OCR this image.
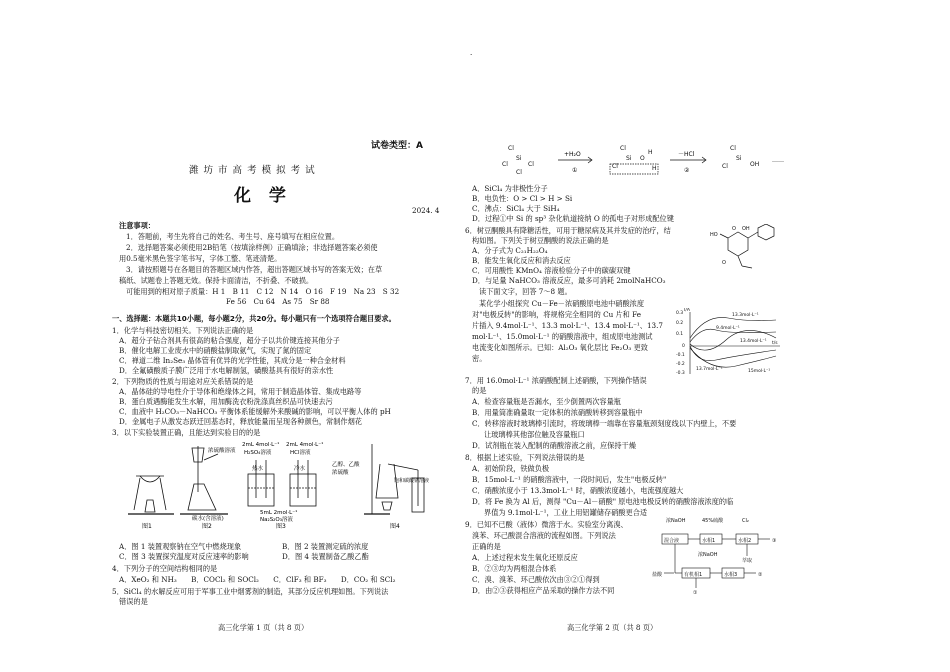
·
试卷类型：A
潍 坊 市 高 考 模 拟 考 试
化 学
2024. 4
注意事项：
1．答题前，考生先将自己的姓名、考生号、座号填写在相应位置。
2．选择题答案必须使用2B铅笔（按填涂样例）正确填涂；非选择题答案必须使
用0.5毫米黑色签字笔书写，字体工整、笔迹清楚。
3．请按照题号在各题目的答题区域内作答，超出答题区域书写的答案无效；在草
稿纸、试题卷上答题无效。保持卡面清洁，不折叠、不破损。
可能用到的相对原子质量：H 1　B 11　C 12　N 14　O 16　F 19　Na 23　S 32
Fe 56　Cu 64　As 75　Sr 88
一、选择题：本题共10小题，每小题2分，共20分。每小题只有一个选项符合题目要求。
1．化学与科技密切相关。下列说法正确的是
A．超分子钻合剂具有很高的粘合强度，超分子以共价键连接其他分子
B．催化电解工业废水中的硝酸盐制取氨气，实现了氮的固定
C．禅道二维 In₂Se₃ 晶体管有优异的光学性能，其成分是一种合金材料
D．全氟磺酸质子膜广泛用于水电解制氢，磺酸基具有很好的亲水性
2．下列物质的性质与用途对应关系错误的是
A．晶体硅的导电性介于导体和绝缘体之间，常用于制造晶体管、集成电路等
B．蛋白质遇酶能发生水解，用加酶洗衣粉洗涤真丝织品可快速去污
C．血液中 H₂CO₃－NaHCO₃ 平衡体系能缓解外来酸碱的影响，可以平衡人体的 pH
D．金属电子从激发态跃迁回基态时，释放能量而呈现各种颜色，常制作烟花
3．以下实验装置正确，且能达到实验目的的是
图1	图2	图3	图4
浓硫酸溶液
碳水(含溶液)
2mL 4mol·L⁻¹
H₂SO₄溶液
2mL 4mol·L⁻¹
HCl溶液
热水	冷水
5mL 2mol·L⁻¹
Na₂S₂O₃溶液
乙醇、乙酸
浓硫酸
饱和碳酸钠溶液
A．图 1 装置观察钠在空气中燃烧现象	B．图 2 装置测定硫的浓度
C．图 3 装置探究温度对反应速率的影响	D．图 4 装置制备乙酸乙酯
4．下列分子的空间结构相同的是
A．XeO₂ 和 NH₃　　B．COCl₂ 和 SOCl₂　　C．ClF₃ 和 BF₃　　D．CO₂ 和 SCl₂
5．SiCl₄ 的水解反应可用于军事工业中烟雾剂的制造，其部分反应机理如图。下列说法
错误的是
高三化学第 1 页（共 8 页）
Cl
Si
Cl	Cl
Cl
Cl
Si O
H
Cl	H
Cl
Si
Cl	OH
+H₂O	－HCl
①	②
……
A．SiCl₄ 为非极性分子
B．电负性：O > Cl > H > Si
C．沸点：SiCl₄ 大于 SiH₄
D．过程①中 Si 的 sp³ 杂化轨道接纳 O 的孤电子对形成配位键
6．树豆酮酸具有降糖活性，可用于糖尿病及其并发症的治疗，结
构如图。下列关于树豆酮酸的说法正确的是
A．分子式为 C₂₁H₂₂O₄
B．能发生氧化反应和消去反应
C．可用酸性 KMnO₄ 溶液检验分子中的碳碳双键
D．与足量 NaHCO₃ 溶液反应，最多可消耗 2molNaHCO₃
O
HO
OH
O
读下面文字，回答 7～8 题。
某化学小组探究 Cu－Fe－浓硝酸原电池中硝酸浓度
对"电极反转"的影响，将规格完全相同的 Cu 片和 Fe
片插入 9.4mol·L⁻¹、13.3 mol·L⁻¹、13.4 mol·L⁻¹、13.7
mol·L⁻¹、15.0mol·L⁻¹ 的硝酸溶液中，组成原电池测试
电流变化如图所示。已知：Al₂O₃ 氧化层比 Fe₂O₃ 更致
密。
0.3
0.2
0.1
0
-0.1
-0.2
-0.3
I/A
t/s
13.3mol·L⁻¹
9.4mol·L⁻¹
13.4mol·L⁻¹
13.7mol·L⁻¹	15mol·L⁻¹
7．用 16.0mol·L⁻¹ 浓硝酸配制上述硝酸，下列操作错误
的是
A．检查容量瓶是否漏水，至少倒置两次容量瓶
B．用量筒准确量取一定体积的浓硝酸转移到容量瓶中
C．转移溶液时玻璃棒引流时，将玻璃棒一端靠在容量瓶颈刻度线以下内壁上，不要
让玻璃棒其他部位触及容量瓶口
D．试剂瓶在装入配制的硝酸溶液之前，应保持干燥
8．根据上述实验，下列说法错误的是
A．初始阶段，铁做负极
B．15mol·L⁻¹ 的硝酸溶液中，一段时间后，发生"电极反转"
C．硝酸浓度小于 13.3mol·L⁻¹ 时，硝酸浓度越小，电流强度越大
D．将 Fe 换为 Al 后，测得 "Cu－Al－硝酸" 原电池电极反转的硝酸溶液浓度的临
界值为 9.1mol·L⁻¹，工业上用铝罐储存硝酸更合适
9．已知不已酸（液体）微溶于水。实验室分离溴、
溴苯、环己酸混合溶液的流程如图。下列说法
正确的是
A．上述过程未发生氧化还原反应
B．②③均为两相混合体系
C．溴、溴苯、环己酸依次由③②①得到
D．由②③获得相应产品采取的操作方法不同
浓NaOH	45%硫酸	Cl₂
混合液	水相1	水相2	③
浓NaOH
萃取
盐酸	有机相1	水相3	②
①
高三化学第 2 页（共 8 页）
